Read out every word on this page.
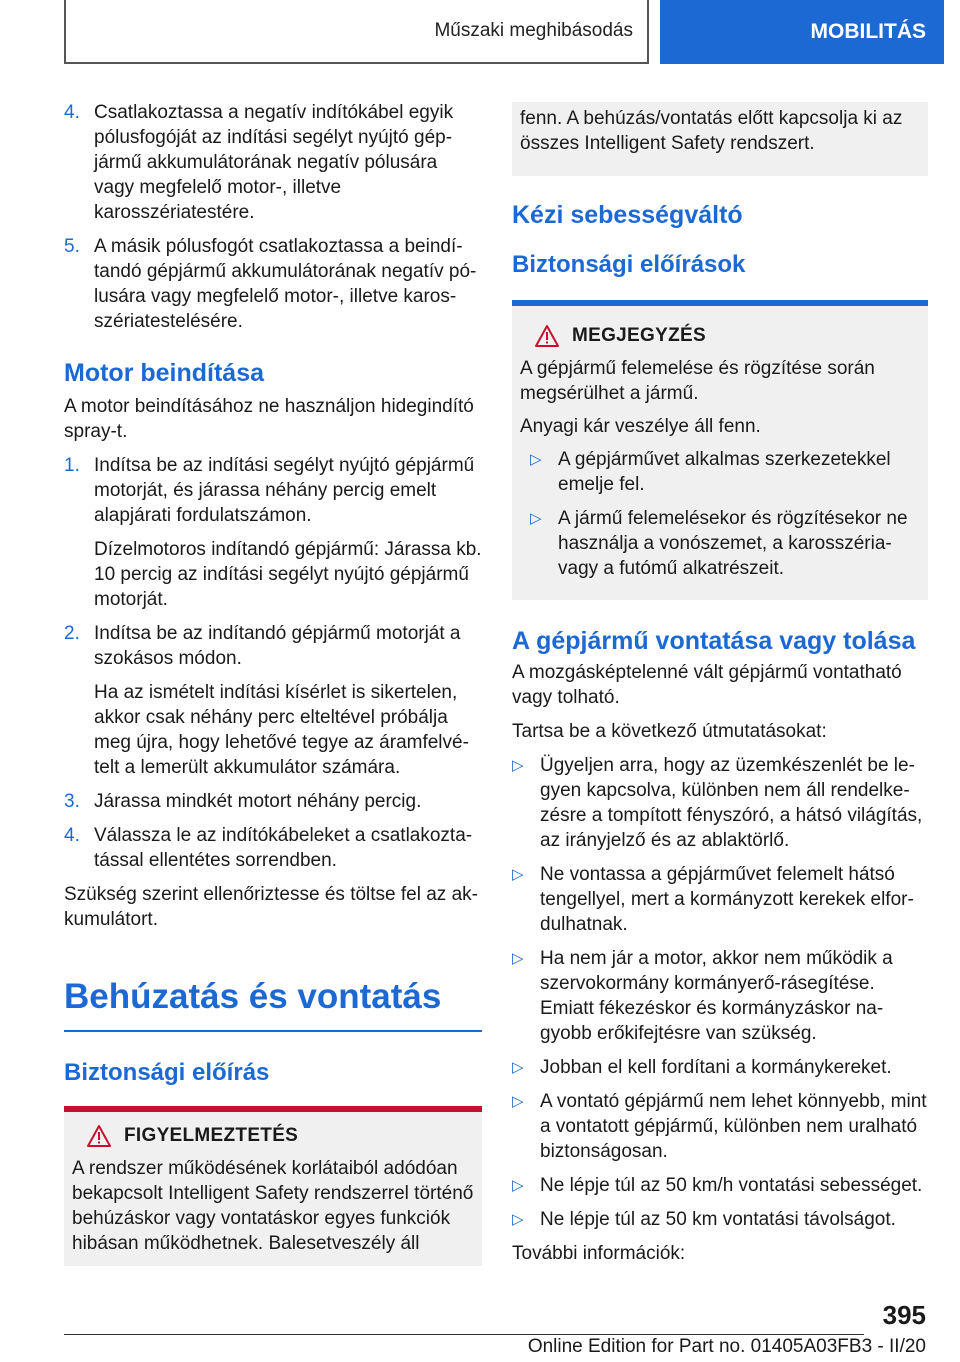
Műszaki meghibásodás	MOBILITÁS
4. Csatlakoztassa a negatív indítókábel egyik pólusfogóját az indítási segélyt nyújtó gépjármű akkumulátorának negatív pólusára vagy megfelelő motor-, illetve karosszériatestére.
5. A másik pólusfogót csatlakoztassa a beindítandó gépjármű akkumulátorának negatív pólusára vagy megfelelő motor-, illetve karosszériatestelésére.
Motor beindítása

A motor beindításához ne használjon hidegindító spray-t.

1. Indítsa be az indítási segélyt nyújtó gépjármű motorját, és járassa néhány percig emelt alapjárati fordulatszámon.
Dízelmotoros indítandó gépjármű: Járassa kb. 10 percig az indítási segélyt nyújtó gépjármű motorját.
2. Indítsa be az indítandó gépjármű motorját a szokásos módon.
Ha az ismételt indítási kísérlet is sikertelen, akkor csak néhány perc elteltével próbálja meg újra, hogy lehetővé tegye az áramfelvételt a lemerült akkumulátor számára.
3. Járassa mindkét motort néhány percig.
4. Válassza le az indítókábeleket a csatlakoztatással ellentétes sorrendben.

Szükség szerint ellenőriztesse és töltse fel az akkumulátort.

Behúzatás és vontatás
Biztonsági előírás
FIGYELMEZTETÉS

A rendszer működésének korlátaiból adódóan bekapcsolt Intelligent Safety rendszerrel történő behúzáskor vagy vontatáskor egyes funkciók hibásan működhetnek. Balesetveszély áll

fenn. A behúzás/vontatás előtt kapcsolja ki az összes Intelligent Safety rendszert.

Kézi sebességváltó
Biztonsági előírások
MEGJEGYZÉS

A gépjármű felemelése és rögzítése során megsérülhet a jármű.

Anyagi kár veszélye áll fenn.

▷ A gépjárművet alkalmas szerkezetekkel emelje fel.
▷ A jármű felemelésekor és rögzítésekor ne használja a vonószemet, a karosszéria- vagy a futómű alkatrészeit.
A gépjármű vontatása vagy tolása

A mozgásképtelenné vált gépjármű vontatható vagy tolható.

Tartsa be a következő útmutatásokat:

▷ Ügyeljen arra, hogy az üzemkészenlét be legyen kapcsolva, különben nem áll rendelkezésre a tompított fényszóró, a hátsó világítás, az irányjelző és az ablaktörlő.
▷ Ne vontassa a gépjárművet felemelt hátsó tengellyel, mert a kormányzott kerekek elfordulhatnak.
▷ Ha nem jár a motor, akkor nem működik a szervokormány kormányerő-rásegítése. Emiatt fékezéskor és kormányzáskor nagyobb erőkifejtésre van szükség.
▷ Jobban el kell fordítani a kormánykereket.
▷ A vontató gépjármű nem lehet könnyebb, mint a vontatott gépjármű, különben nem uralható biztonságosan.
▷ Ne lépje túl az 50 km/h vontatási sebességet.
▷ Ne lépje túl az 50 km vontatási távolságot.

További információk:

395
Online Edition for Part no. 01405A03FB3 - II/20
